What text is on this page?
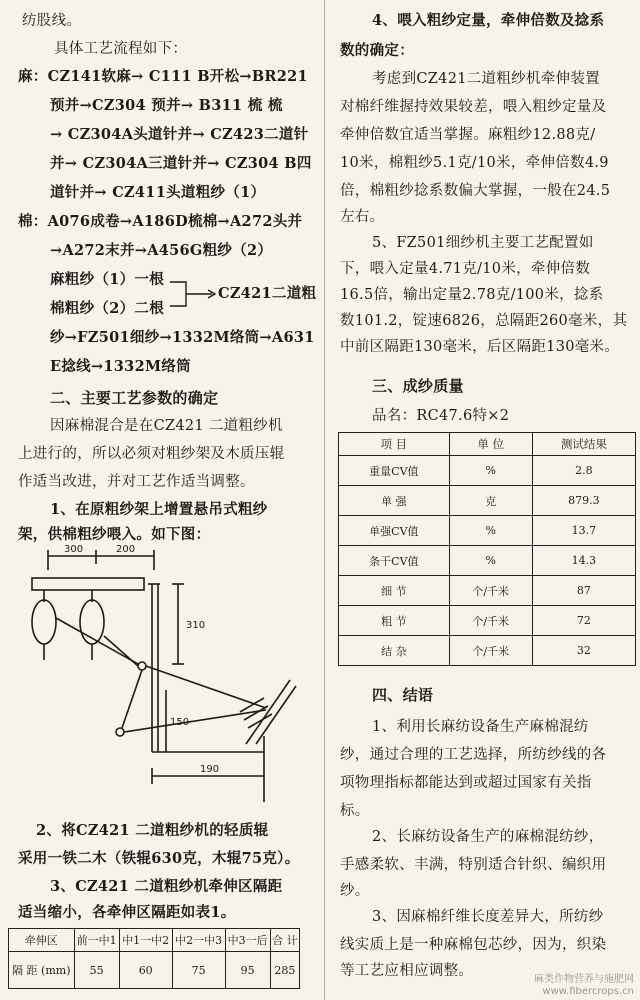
纺股线。
具体工艺流程如下：
麻：CZ141软麻→ C111 B开松→BR221
预并→CZ304 预并→ B311 梳 梳
→ CZ304A头道针并→ CZ423二道针
并→ CZ304A三道针并→ CZ304 B四
道针并→ CZ411头道粗纱（1）
棉：A076成卷→A186D梳棉→A272头并
→A272末并→A456G粗纱（2）
麻粗纱（1）一根
CZ421二道粗
棉粗纱（2）二根
纱→FZ501细纱→1332M络筒→A631
E捻线→1332M络筒
二、主要工艺参数的确定
因麻棉混合是在CZ421 二道粗纱机
上进行的，所以必须对粗纱架及木质压辊
作适当改进，并对工艺作适当调整。
1、在原粗纱架上增置悬吊式粗纱
架，供棉粗纱喂入。如下图：
300	200
310
150
190
2、将CZ421 二道粗纱机的轻质辊
采用一铁二木（铁辊630克，木辊75克）。
3、CZ421 二道粗纱机牵伸区隔距
适当缩小，各牵伸区隔距如表1。
牵伸区	前一中1	中1一中2	中2一中3	中3一后	合 计
隔 距 (mm)	55	60	75	95	285
4、喂入粗纱定量，牵伸倍数及捻系
数的确定：
考虑到CZ421二道粗纱机牵伸装置
对棉纤维握持效果较差，喂入粗纱定量及
牵伸倍数宜适当掌握。麻粗纱12.88克/
10米，棉粗纱5.1克/10米，牵伸倍数4.9
倍，棉粗纱捻系数偏大掌握，一般在24.5
左右。
5、FZ501细纱机主要工艺配置如
下，喂入定量4.71克/10米，牵伸倍数
16.5倍，输出定量2.78克/100米，捻系
数101.2，锭速6826，总隔距260毫米，其
中前区隔距130毫米，后区隔距130毫米。
三、成纱质量
品名：RC47.6特×2
项 目	单 位	测试结果
重量CV值	%	2.8
单 强	克	879.3
单强CV值	%	13.7
条干CV值	%	14.3
细 节	个/千米	87
粗 节	个/千米	72
结 杂	个/千米	32
四、结语
1、利用长麻纺设备生产麻棉混纺
纱，通过合理的工艺选择，所纺纱线的各
项物理指标都能达到或超过国家有关指
标。
2、长麻纺设备生产的麻棉混纺纱，
手感柔软、丰满，特别适合针织、编织用
纱。
3、因麻棉纤维长度差异大，所纺纱
线实质上是一种麻棉包芯纱，因为，织染
等工艺应相应调整。
麻类作物营养与施肥网
www.fibercrops.cn
